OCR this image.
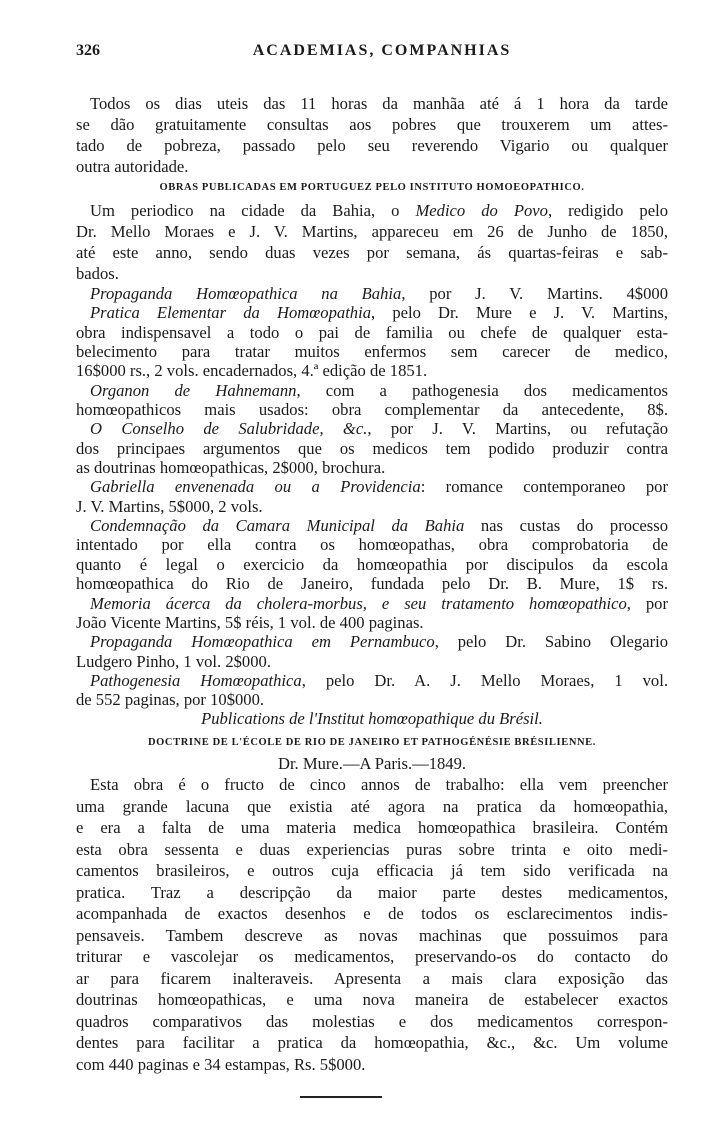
326	ACADEMIAS, COMPANHIAS
Todos os dias uteis das 11 horas da manhãa até á 1 hora da tarde
se dão gratuitamente consultas aos pobres que trouxerem um attes-
tado de pobreza, passado pelo seu reverendo Vigario ou qualquer
outra autoridade.
OBRAS PUBLICADAS EM PORTUGUEZ PELO INSTITUTO HOMOEOPATHICO.
Um periodico na cidade da Bahia, o Medico do Povo, redigido pelo
Dr. Mello Moraes e J. V. Martins, appareceu em 26 de Junho de 1850,
até este anno, sendo duas vezes por semana, ás quartas-feiras e sab-
bados.
Propaganda Homœopathica na Bahia, por J. V. Martins. 4$000
Pratica Elementar da Homœopathia, pelo Dr. Mure e J. V. Martins,
obra indispensavel a todo o pai de familia ou chefe de qualquer esta-
belecimento para tratar muitos enfermos sem carecer de medico,
16$000 rs., 2 vols. encadernados, 4.ª edição de 1851.
Organon de Hahnemann, com a pathogenesia dos medicamentos
homœopathicos mais usados: obra complementar da antecedente, 8$.
O Conselho de Salubridade, &c., por J. V. Martins, ou refutação
dos principaes argumentos que os medicos tem podido produzir contra
as doutrinas homœopathicas, 2$000, brochura.
Gabriella envenenada ou a Providencia: romance contemporaneo por
J. V. Martins, 5$000, 2 vols.
Condemnação da Camara Municipal da Bahia nas custas do processo
intentado por ella contra os homœopathas, obra comprobatoria de
quanto é legal o exercicio da homœopathia por discipulos da escola
homœopathica do Rio de Janeiro, fundada pelo Dr. B. Mure, 1$ rs.
Memoria ácerca da cholera-morbus, e seu tratamento homœopathico, por
João Vicente Martins, 5$ réis, 1 vol. de 400 paginas.
Propaganda Homœopathica em Pernambuco, pelo Dr. Sabino Olegario
Ludgero Pinho, 1 vol. 2$000.
Pathogenesia Homœopathica, pelo Dr. A. J. Mello Moraes, 1 vol.
de 552 paginas, por 10$000.
Publications de l'Institut homœopathique du Brésil.
DOCTRINE DE L'ÉCOLE DE RIO DE JANEIRO ET PATHOGÉNÉSIE BRÉSILIENNE.
Dr. Mure.—A Paris.—1849.
Esta obra é o fructo de cinco annos de trabalho: ella vem preencher
uma grande lacuna que existia até agora na pratica da homœopathia,
e era a falta de uma materia medica homœopathica brasileira. Contém
esta obra sessenta e duas experiencias puras sobre trinta e oito medi-
camentos brasileiros, e outros cuja efficacia já tem sido verificada na
pratica. Traz a descripção da maior parte destes medicamentos,
acompanhada de exactos desenhos e de todos os esclarecimentos indis-
pensaveis. Tambem descreve as novas machinas que possuimos para
triturar e vascolejar os medicamentos, preservando-os do contacto do
ar para ficarem inalteraveis. Apresenta a mais clara exposição das
doutrinas homœopathicas, e uma nova maneira de estabelecer exactos
quadros comparativos das molestias e dos medicamentos correspon-
dentes para facilitar a pratica da homœopathia, &c., &c. Um volume
com 440 paginas e 34 estampas, Rs. 5$000.
